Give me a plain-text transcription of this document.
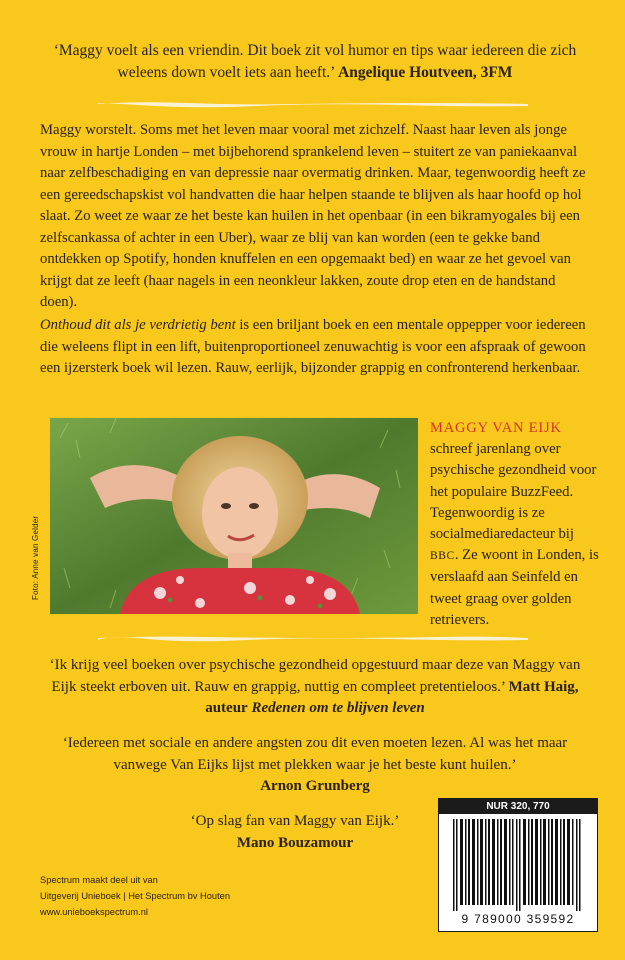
‘Maggy voelt als een vriendin. Dit boek zit vol humor en tips waar iedereen die zich weleens down voelt iets aan heeft.’ Angelique Houtveen, 3FM
Maggy worstelt. Soms met het leven maar vooral met zichzelf. Naast haar leven als jonge vrouw in hartje Londen – met bijbehorend sprankelend leven – stuitert ze van paniekaanval naar zelfbeschadiging en van depressie naar overmatig drinken. Maar, tegenwoordig heeft ze een gereedschapskist vol handvatten die haar helpen staande te blijven als haar hoofd op hol slaat. Zo weet ze waar ze het beste kan huilen in het openbaar (in een bikramyogales bij een zelfscankassa of achter in een Uber), waar ze blij van kan worden (een te gekke band ontdekken op Spotify, honden knuffelen en een opgemaakt bed) en waar ze het gevoel van krijgt dat ze leeft (haar nagels in een neonkleur lakken, zoute drop eten en de handstand doen).
Onthoud dit als je verdrietig bent is een briljant boek en een mentale oppepper voor iedereen die weleens flipt in een lift, buitenproportioneel zenuwachtig is voor een afspraak of gewoon een ijzersterk boek wil lezen. Rauw, eerlijk, bijzonder grappig en confronterend herkenbaar.
Foto: Anne van Gelder
MAGGY VAN EIJK
schreef jarenlang over psychische gezondheid voor het populaire BuzzFeed. Tegenwoordig is ze socialmediaredacteur bij BBC. Ze woont in Londen, is verslaafd aan Seinfeld en tweet graag over golden retrievers.
‘Ik krijg veel boeken over psychische gezondheid opgestuurd maar deze van Maggy van Eijk steekt erboven uit. Rauw en grappig, nuttig en compleet pretentieloos.’ Matt Haig, auteur Redenen om te blijven leven
‘Iedereen met sociale en andere angsten zou dit even moeten lezen. Al was het maar vanwege Van Eijks lijst met plekken waar je het beste kunt huilen.’
Arnon Grunberg
‘Op slag fan van Maggy van Eijk.’
Mano Bouzamour
Spectrum maakt deel uit van
Uitgeverij Unieboek | Het Spectrum bv Houten
www.unieboekspectrum.nl
NUR 320, 770
9 789000 359592
